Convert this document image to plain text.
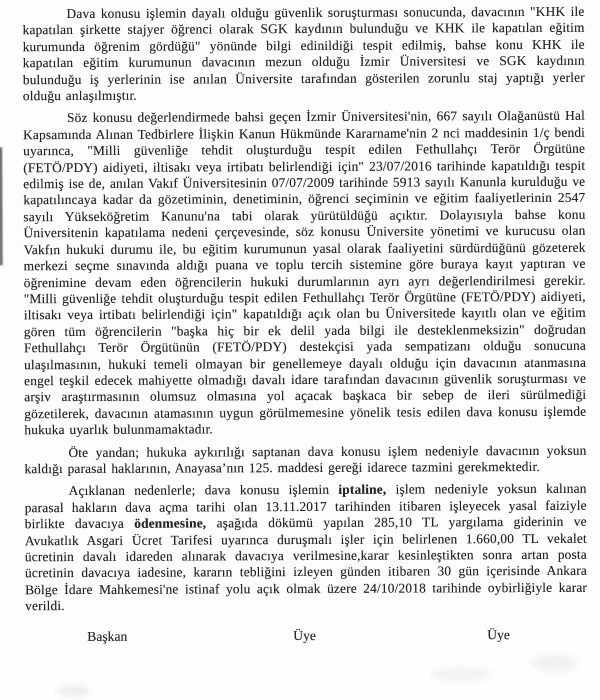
Dava konusu işlemin dayalı olduğu güvenlik soruşturması sonucunda, davacının "KHK ile kapatılan şirkette stajyer öğrenci olarak SGK kaydının bulunduğu ve KHK ile kapatılan eğitim kurumunda öğrenim gördüğü" yönünde bilgi edinildiği tespit edilmiş, bahse konu KHK ile kapatılan eğitim kurumunun davacının mezun olduğu İzmir Üniversitesi ve SGK kaydının bulunduğu iş yerlerinin ise anılan Üniversite tarafından gösterilen zorunlu staj yaptığı yerler olduğu anlaşılmıştır.

Söz konusu değerlendirmede bahsi geçen İzmir Üniversitesi'nin, 667 sayılı Olağanüstü Hal Kapsamında Alınan Tedbirlere İlişkin Kanun Hükmünde Kararname'nin 2 nci maddesinin 1/ç bendi uyarınca, "Milli güvenliğe tehdit oluşturduğu tespit edilen Fethullahçı Terör Örgütüne (FETÖ/PDY) aidiyeti, iltisakı veya irtibatı belirlendiği için" 23/07/2016 tarihinde kapatıldığı tespit edilmiş ise de, anılan Vakıf Üniversitesinin 07/07/2009 tarihinde 5913 sayılı Kanunla kurulduğu ve kapatılıncaya kadar da gözetiminin, denetiminin, öğrenci seçiminin ve eğitim faaliyetlerinin 2547 sayılı Yükseköğretim Kanunu'na tabi olarak yürütüldüğü açıktır. Dolayısıyla bahse konu Üniversitenin kapatılama nedeni çerçevesinde, söz konusu Üniversite yönetimi ve kurucusu olan Vakfın hukuki durumu ile, bu eğitim kurumunun yasal olarak faaliyetini sürdürdüğünü gözeterek merkezi seçme sınavında aldığı puana ve toplu tercih sistemine göre buraya kayıt yaptıran ve öğrenimine devam eden öğrencilerin hukuki durumlarının ayrı ayrı değerlendirilmesi gerekir. "Milli güvenliğe tehdit oluşturduğu tespit edilen Fethullahçı Terör Örgütüne (FETÖ/PDY) aidiyeti, iltisakı veya irtibatı belirlendiği için" kapatıldığı açık olan bu Üniversitede kayıtlı olan ve eğitim gören tüm öğrencilerin "başka hiç bir ek delil yada bilgi ile desteklenmeksizin" doğrudan Fethullahçı Terör Örgütünün (FETÖ/PDY) destekçisi yada sempatizanı olduğu sonucuna ulaşılmasının, hukuki temeli olmayan bir genellemeye dayalı olduğu için davacının atanmasına engel teşkil edecek mahiyette olmadığı davalı idare tarafından davacının güvenlik soruşturması ve arşiv araştırmasının olumsuz olmasına yol açacak başkaca bir sebep de ileri sürülmediği gözetilerek, davacının atamasının uygun görülmemesine yönelik tesis edilen dava konusu işlemde hukuka uyarlık bulunmamaktadır.

Öte yandan; hukuka aykırılığı saptanan dava konusu işlem nedeniyle davacının yoksun kaldığı parasal haklarının, Anayasa’nın 125. maddesi gereği idarece tazmini gerekmektedir.

Açıklanan nedenlerle; dava konusu işlemin iptaline, işlem nedeniyle yoksun kalınan parasal hakların dava açma tarihi olan 13.11.2017 tarihinden itibaren işleyecek yasal faiziyle birlikte davacıya ödenmesine, aşağıda dökümü yapılan 285,10 TL yargılama giderinin ve Avukatlık Asgari Ücret Tarifesi uyarınca duruşmalı işler için belirlenen 1.660,00 TL vekalet ücretinin davalı idareden alınarak davacıya verilmesine,karar kesinleştikten sonra artan posta ücretinin davacıya iadesine, kararın tebliğini izleyen günden itibaren 30 gün içerisinde Ankara Bölge İdare Mahkemesi'ne istinaf yolu açık olmak üzere 24/10/2018 tarihinde oybirliğiyle karar verildi.

Başkan	Üye	Üye
